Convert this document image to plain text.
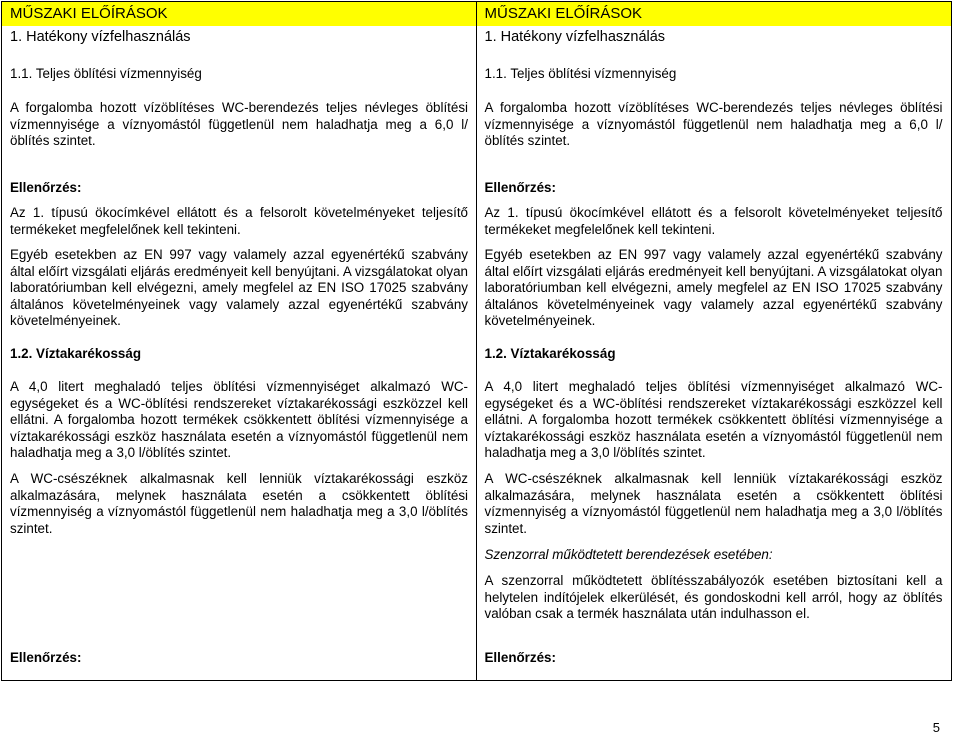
MŰSZAKI ELŐÍRÁSOK
1. Hatékony vízfelhasználás
1.1. Teljes öblítési vízmennyiség
A forgalomba hozott vízöblítéses WC-berendezés teljes névleges öblítési vízmennyisége a víznyomástól függetlenül nem haladhatja meg a 6,0 l/öblítés szintet.
Ellenőrzés:
Az 1. típusú ökocímkével ellátott és a felsorolt követelményeket teljesítő termékeket megfelelőnek kell tekinteni.
Egyéb esetekben az EN 997 vagy valamely azzal egyenértékű szabvány által előírt vizsgálati eljárás eredményeit kell benyújtani. A vizsgálatokat olyan laboratóriumban kell elvégezni, amely megfelel az EN ISO 17025 szabvány általános követelményeinek vagy valamely azzal egyenértékű szabvány követelményeinek.
1.2. Víztakarékosság
A 4,0 litert meghaladó teljes öblítési vízmennyiséget alkalmazó WC-egységeket és a WC-öblítési rendszereket víztakarékossági eszközzel kell ellátni. A forgalomba hozott termékek csökkentett öblítési vízmennyisége a víztakarékossági eszköz használata esetén a víznyomástól függetlenül nem haladhatja meg a 3,0 l/öblítés szintet.
A WC-csészéknek alkalmasnak kell lenniük víztakarékossági eszköz alkalmazására, melynek használata esetén a csökkentett öblítési vízmennyiség a víznyomástól függetlenül nem haladhatja meg a 3,0 l/öblítés szintet.
Ellenőrzés:
MŰSZAKI ELŐÍRÁSOK
1. Hatékony vízfelhasználás
1.1. Teljes öblítési vízmennyiség
A forgalomba hozott vízöblítéses WC-berendezés teljes névleges öblítési vízmennyisége a víznyomástól függetlenül nem haladhatja meg a 6,0 l/öblítés szintet.
Ellenőrzés:
Az 1. típusú ökocímkével ellátott és a felsorolt követelményeket teljesítő termékeket megfelelőnek kell tekinteni.
Egyéb esetekben az EN 997 vagy valamely azzal egyenértékű szabvány által előírt vizsgálati eljárás eredményeit kell benyújtani. A vizsgálatokat olyan laboratóriumban kell elvégezni, amely megfelel az EN ISO 17025 szabvány általános követelményeinek vagy valamely azzal egyenértékű szabvány követelményeinek.
1.2. Víztakarékosság
A 4,0 litert meghaladó teljes öblítési vízmennyiséget alkalmazó WC-egységeket és a WC-öblítési rendszereket víztakarékossági eszközzel kell ellátni. A forgalomba hozott termékek csökkentett öblítési vízmennyisége a víztakarékossági eszköz használata esetén a víznyomástól függetlenül nem haladhatja meg a 3,0 l/öblítés szintet.
A WC-csészéknek alkalmasnak kell lenniük víztakarékossági eszköz alkalmazására, melynek használata esetén a csökkentett öblítési vízmennyiség a víznyomástól függetlenül nem haladhatja meg a 3,0 l/öblítés szintet.
Szenzorral működtetett berendezések esetében:
A szenzorral működtetett öblítésszabályozók esetében biztosítani kell a helytelen indítójelek elkerülését, és gondoskodni kell arról, hogy az öblítés valóban csak a termék használata után indulhasson el.
Ellenőrzés:
5
